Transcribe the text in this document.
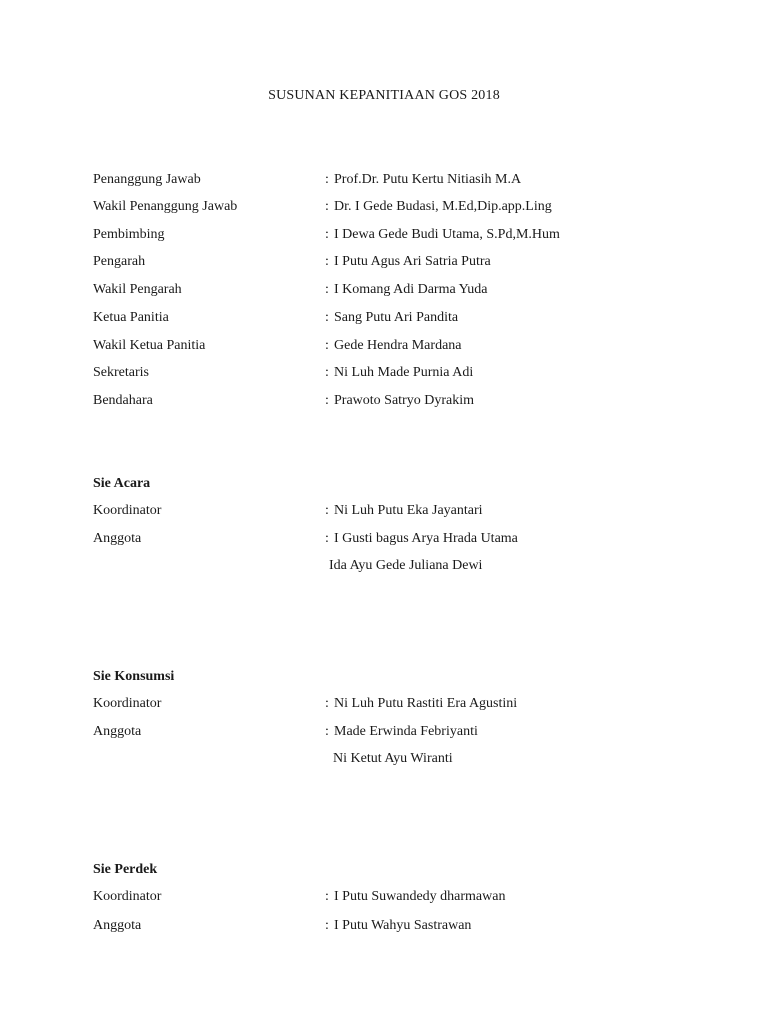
SUSUNAN KEPANITIAAN GOS 2018
Penanggung Jawab	: Prof.Dr. Putu Kertu Nitiasih M.A
Wakil Penanggung Jawab	: Dr. I Gede Budasi, M.Ed,Dip.app.Ling
Pembimbing	: I Dewa Gede Budi Utama, S.Pd,M.Hum
Pengarah	: I Putu Agus Ari Satria Putra
Wakil Pengarah	: I Komang Adi Darma Yuda
Ketua Panitia	: Sang Putu Ari Pandita
Wakil Ketua Panitia	: Gede Hendra Mardana
Sekretaris	: Ni Luh Made Purnia Adi
Bendahara	: Prawoto Satryo Dyrakim
Sie Acara
Koordinator	: Ni Luh Putu Eka Jayantari
Anggota	: I Gusti bagus Arya Hrada Utama
Ida Ayu Gede Juliana Dewi
Sie Konsumsi
Koordinator	: Ni Luh Putu Rastiti Era Agustini
Anggota	: Made Erwinda Febriyanti
Ni Ketut Ayu Wiranti
Sie Perdek
Koordinator	: I Putu Suwandedy dharmawan
Anggota	: I Putu Wahyu Sastrawan
